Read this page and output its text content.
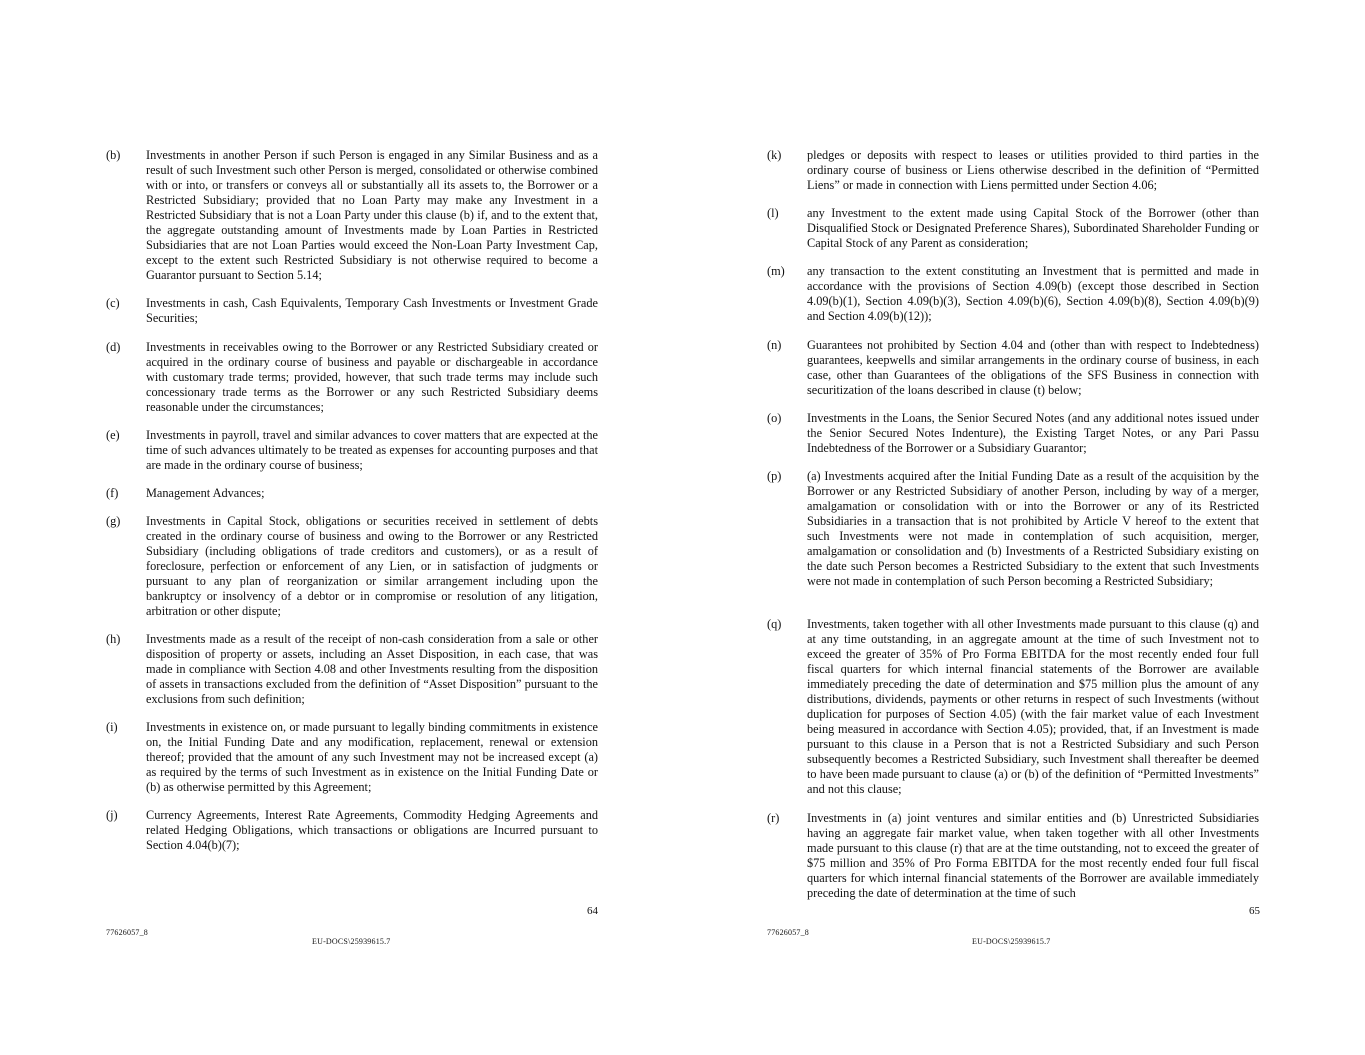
(b)	Investments in another Person if such Person is engaged in any Similar Business and as a result of such Investment such other Person is merged, consolidated or otherwise combined with or into, or transfers or conveys all or substantially all its assets to, the Borrower or a Restricted Subsidiary; provided that no Loan Party may make any Investment in a Restricted Subsidiary that is not a Loan Party under this clause (b) if, and to the extent that, the aggregate outstanding amount of Investments made by Loan Parties in Restricted Subsidiaries that are not Loan Parties would exceed the Non-Loan Party Investment Cap, except to the extent such Restricted Subsidiary is not otherwise required to become a Guarantor pursuant to Section 5.14;
(c)	Investments in cash, Cash Equivalents, Temporary Cash Investments or Investment Grade Securities;
(d)	Investments in receivables owing to the Borrower or any Restricted Subsidiary created or acquired in the ordinary course of business and payable or dischargeable in accordance with customary trade terms; provided, however, that such trade terms may include such concessionary trade terms as the Borrower or any such Restricted Subsidiary deems reasonable under the circumstances;
(e)	Investments in payroll, travel and similar advances to cover matters that are expected at the time of such advances ultimately to be treated as expenses for accounting purposes and that are made in the ordinary course of business;
(f)	Management Advances;
(g)	Investments in Capital Stock, obligations or securities received in settlement of debts created in the ordinary course of business and owing to the Borrower or any Restricted Subsidiary (including obligations of trade creditors and customers), or as a result of foreclosure, perfection or enforcement of any Lien, or in satisfaction of judgments or pursuant to any plan of reorganization or similar arrangement including upon the bankruptcy or insolvency of a debtor or in compromise or resolution of any litigation, arbitration or other dispute;
(h)	Investments made as a result of the receipt of non-cash consideration from a sale or other disposition of property or assets, including an Asset Disposition, in each case, that was made in compliance with Section 4.08 and other Investments resulting from the disposition of assets in transactions excluded from the definition of “Asset Disposition” pursuant to the exclusions from such definition;
(i)	Investments in existence on, or made pursuant to legally binding commitments in existence on, the Initial Funding Date and any modification, replacement, renewal or extension thereof; provided that the amount of any such Investment may not be increased except (a) as required by the terms of such Investment as in existence on the Initial Funding Date or (b) as otherwise permitted by this Agreement;
(j)	Currency Agreements, Interest Rate Agreements, Commodity Hedging Agreements and related Hedging Obligations, which transactions or obligations are Incurred pursuant to Section 4.04(b)(7);
64
77626057_8
EU-DOCS\25939615.7
(k)	pledges or deposits with respect to leases or utilities provided to third parties in the ordinary course of business or Liens otherwise described in the definition of “Permitted Liens” or made in connection with Liens permitted under Section 4.06;
(l)	any Investment to the extent made using Capital Stock of the Borrower (other than Disqualified Stock or Designated Preference Shares), Subordinated Shareholder Funding or Capital Stock of any Parent as consideration;
(m)	any transaction to the extent constituting an Investment that is permitted and made in accordance with the provisions of Section 4.09(b) (except those described in Section 4.09(b)(1), Section 4.09(b)(3), Section 4.09(b)(6), Section 4.09(b)(8), Section 4.09(b)(9) and Section 4.09(b)(12));
(n)	Guarantees not prohibited by Section 4.04 and (other than with respect to Indebtedness) guarantees, keepwells and similar arrangements in the ordinary course of business, in each case, other than Guarantees of the obligations of the SFS Business in connection with securitization of the loans described in clause (t) below;
(o)	Investments in the Loans, the Senior Secured Notes (and any additional notes issued under the Senior Secured Notes Indenture), the Existing Target Notes, or any Pari Passu Indebtedness of the Borrower or a Subsidiary Guarantor;
(p)	(a) Investments acquired after the Initial Funding Date as a result of the acquisition by the Borrower or any Restricted Subsidiary of another Person, including by way of a merger, amalgamation or consolidation with or into the Borrower or any of its Restricted Subsidiaries in a transaction that is not prohibited by Article V hereof to the extent that such Investments were not made in contemplation of such acquisition, merger, amalgamation or consolidation and (b) Investments of a Restricted Subsidiary existing on the date such Person becomes a Restricted Subsidiary to the extent that such Investments were not made in contemplation of such Person becoming a Restricted Subsidiary;
(q)	Investments, taken together with all other Investments made pursuant to this clause (q) and at any time outstanding, in an aggregate amount at the time of such Investment not to exceed the greater of 35% of Pro Forma EBITDA for the most recently ended four full fiscal quarters for which internal financial statements of the Borrower are available immediately preceding the date of determination and $75 million plus the amount of any distributions, dividends, payments or other returns in respect of such Investments (without duplication for purposes of Section 4.05) (with the fair market value of each Investment being measured in accordance with Section 4.05); provided, that, if an Investment is made pursuant to this clause in a Person that is not a Restricted Subsidiary and such Person subsequently becomes a Restricted Subsidiary, such Investment shall thereafter be deemed to have been made pursuant to clause (a) or (b) of the definition of “Permitted Investments” and not this clause;
(r)	Investments in (a) joint ventures and similar entities and (b) Unrestricted Subsidiaries having an aggregate fair market value, when taken together with all other Investments made pursuant to this clause (r) that are at the time outstanding, not to exceed the greater of $75 million and 35% of Pro Forma EBITDA for the most recently ended four full fiscal quarters for which internal financial statements of the Borrower are available immediately preceding the date of determination at the time of such
65
77626057_8
EU-DOCS\25939615.7
